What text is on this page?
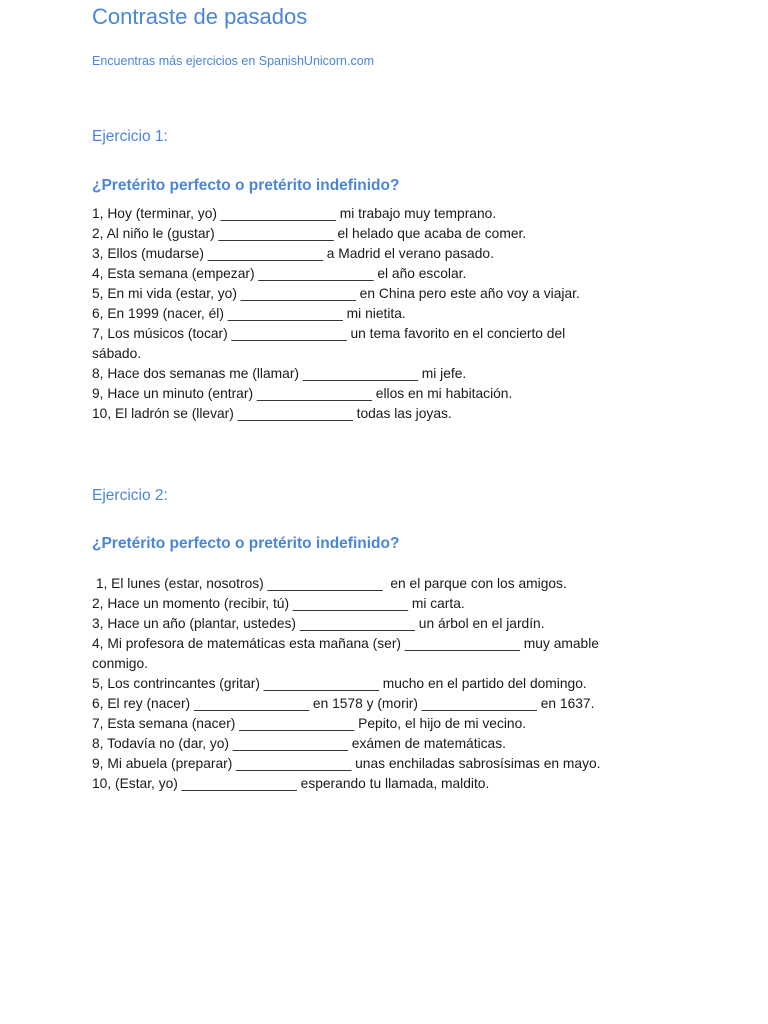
Contraste de pasados
Encuentras más ejercicios en SpanishUnicorn.com
Ejercicio 1:
¿Pretérito perfecto o pretérito indefinido?
1, Hoy (terminar, yo) _______________ mi trabajo muy temprano.
2, Al niño le (gustar) _______________ el helado que acaba de comer.
3, Ellos (mudarse) _______________ a Madrid el verano pasado.
4, Esta semana (empezar) _______________ el año escolar.
5, En mi vida (estar, yo) _______________ en China pero este año voy a viajar.
6, En 1999 (nacer, él) _______________ mi nietita.
7, Los músicos (tocar) _______________ un tema favorito en el concierto del
sábado.
8, Hace dos semanas me (llamar) _______________ mi jefe.
9, Hace un minuto (entrar) _______________ ellos en mi habitación.
10, El ladrón se (llevar) _______________ todas las joyas.
Ejercicio 2:
¿Pretérito perfecto o pretérito indefinido?
1, El lunes (estar, nosotros) _______________  en el parque con los amigos.
2, Hace un momento (recibir, tú) _______________ mi carta.
3, Hace un año (plantar, ustedes) _______________ un árbol en el jardín.
4, Mi profesora de matemáticas esta mañana (ser) _______________ muy amable
conmigo.
5, Los contrincantes (gritar) _______________ mucho en el partido del domingo.
6, El rey (nacer) _______________ en 1578 y (morir) _______________ en 1637.
7, Esta semana (nacer) _______________ Pepito, el hijo de mi vecino.
8, Todavía no (dar, yo) _______________ exámen de matemáticas.
9, Mi abuela (preparar) _______________ unas enchiladas sabrosísimas en mayo.
10, (Estar, yo) _______________ esperando tu llamada, maldito.
